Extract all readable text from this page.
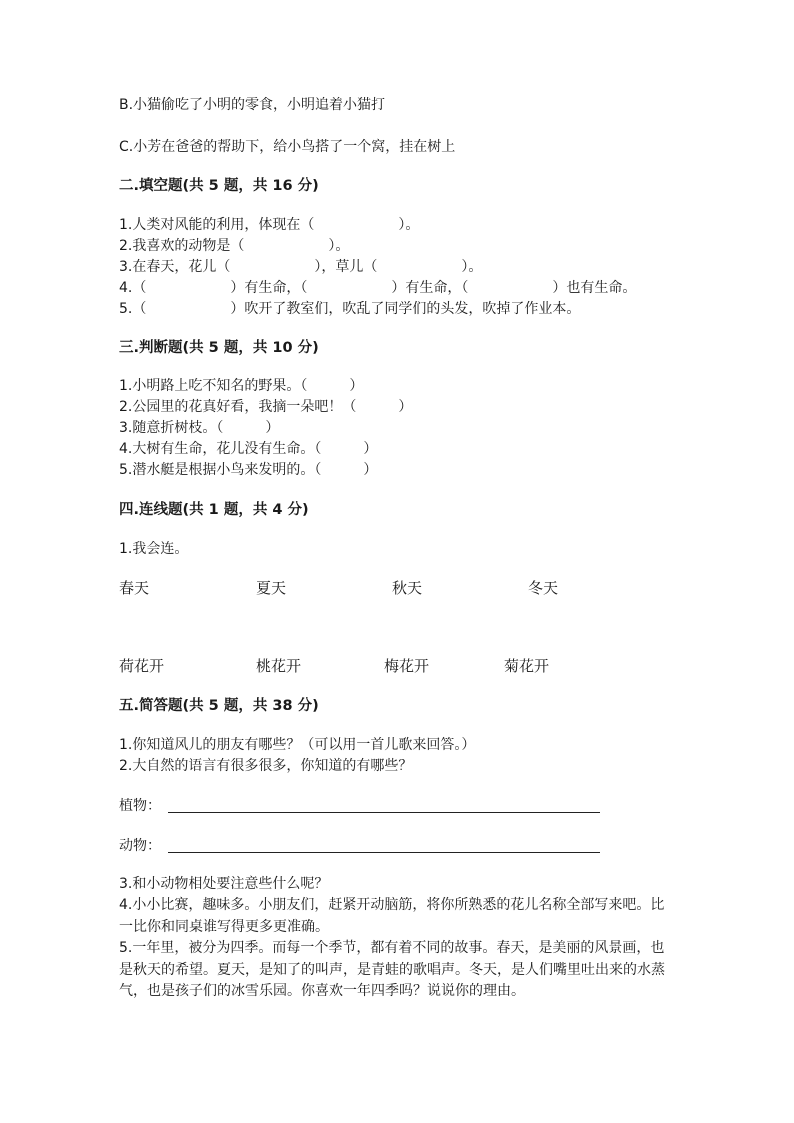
B.小猫偷吃了小明的零食，小明追着小猫打
C.小芳在爸爸的帮助下，给小鸟搭了一个窝，挂在树上
二.填空题(共 5 题，共 16 分)
1.人类对风能的利用，体现在（　　　　　　）。
2.我喜欢的动物是（　　　　　　）。
3.在春天，花儿（　　　　　　），草儿（　　　　　　）。
4.（　　　　　　）有生命，（　　　　　　）有生命，（　　　　　　）也有生命。
5.（　　　　　　）吹开了教室们，吹乱了同学们的头发，吹掉了作业本。
三.判断题(共 5 题，共 10 分)
1.小明路上吃不知名的野果。（　　　）
2.公园里的花真好看，我摘一朵吧！（　　　）
3.随意折树枝。（　　　）
4.大树有生命，花儿没有生命。（　　　）
5.潜水艇是根据小鸟来发明的。（　　　）
四.连线题(共 1 题，共 4 分)
1.我会连。
春天	夏天	秋天	冬天
荷花开	桃花开	梅花开	菊花开
五.简答题(共 5 题，共 38 分)
1.你知道风儿的朋友有哪些？（可以用一首儿歌来回答。）
2.大自然的语言有很多很多，你知道的有哪些？
植物：
动物：
3.和小动物相处要注意些什么呢？
4.小小比赛，趣味多。小朋友们，赶紧开动脑筋，将你所熟悉的花儿名称全部写来吧。比一比你和同桌谁写得更多更准确。
5.一年里，被分为四季。而每一个季节，都有着不同的故事。春天，是美丽的风景画，也是秋天的希望。夏天，是知了的叫声，是青蛙的歌唱声。冬天，是人们嘴里吐出来的水蒸气，也是孩子们的冰雪乐园。你喜欢一年四季吗？说说你的理由。
